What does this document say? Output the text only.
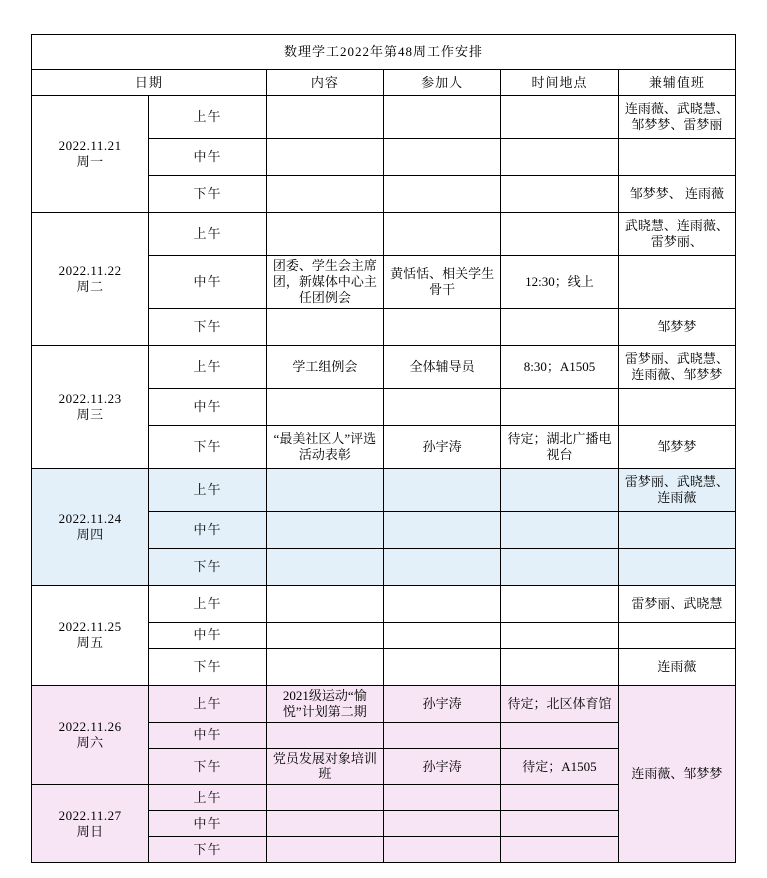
数理学工2022年第48周工作安排					
日期		内容	参加人	时间地点	兼辅值班

2022.11.21
周一	上午				连雨薇、武晓慧、邹梦梦、雷梦丽
	中午				
	下午				邹梦梦、 连雨薇

2022.11.22
周二	上午				武晓慧、连雨薇、雷梦丽、
	中午	团委、学生会主席团，新媒体中心主任团例会	黄恬恬、相关学生骨干	12:30；线上	
	下午				邹梦梦

2022.11.23
周三	上午	学工组例会	全体辅导员	8:30；A1505	雷梦丽、武晓慧、连雨薇、邹梦梦
	中午				
	下午	“最美社区人”评选活动表彰	孙宇涛	待定；湖北广播电视台	邹梦梦

2022.11.24
周四	上午				雷梦丽、武晓慧、连雨薇
	中午				
	下午				

2022.11.25
周五	上午				雷梦丽、武晓慧
	中午				
	下午				连雨薇

2022.11.26
周六	上午	2021级运动“愉悦”计划第二期	孙宇涛	待定；北区体育馆	连雨薇、邹梦梦
	中午				
	下午	党员发展对象培训班	孙宇涛	待定；A1505	

2022.11.27
周日	上午				
	中午				
	下午				
